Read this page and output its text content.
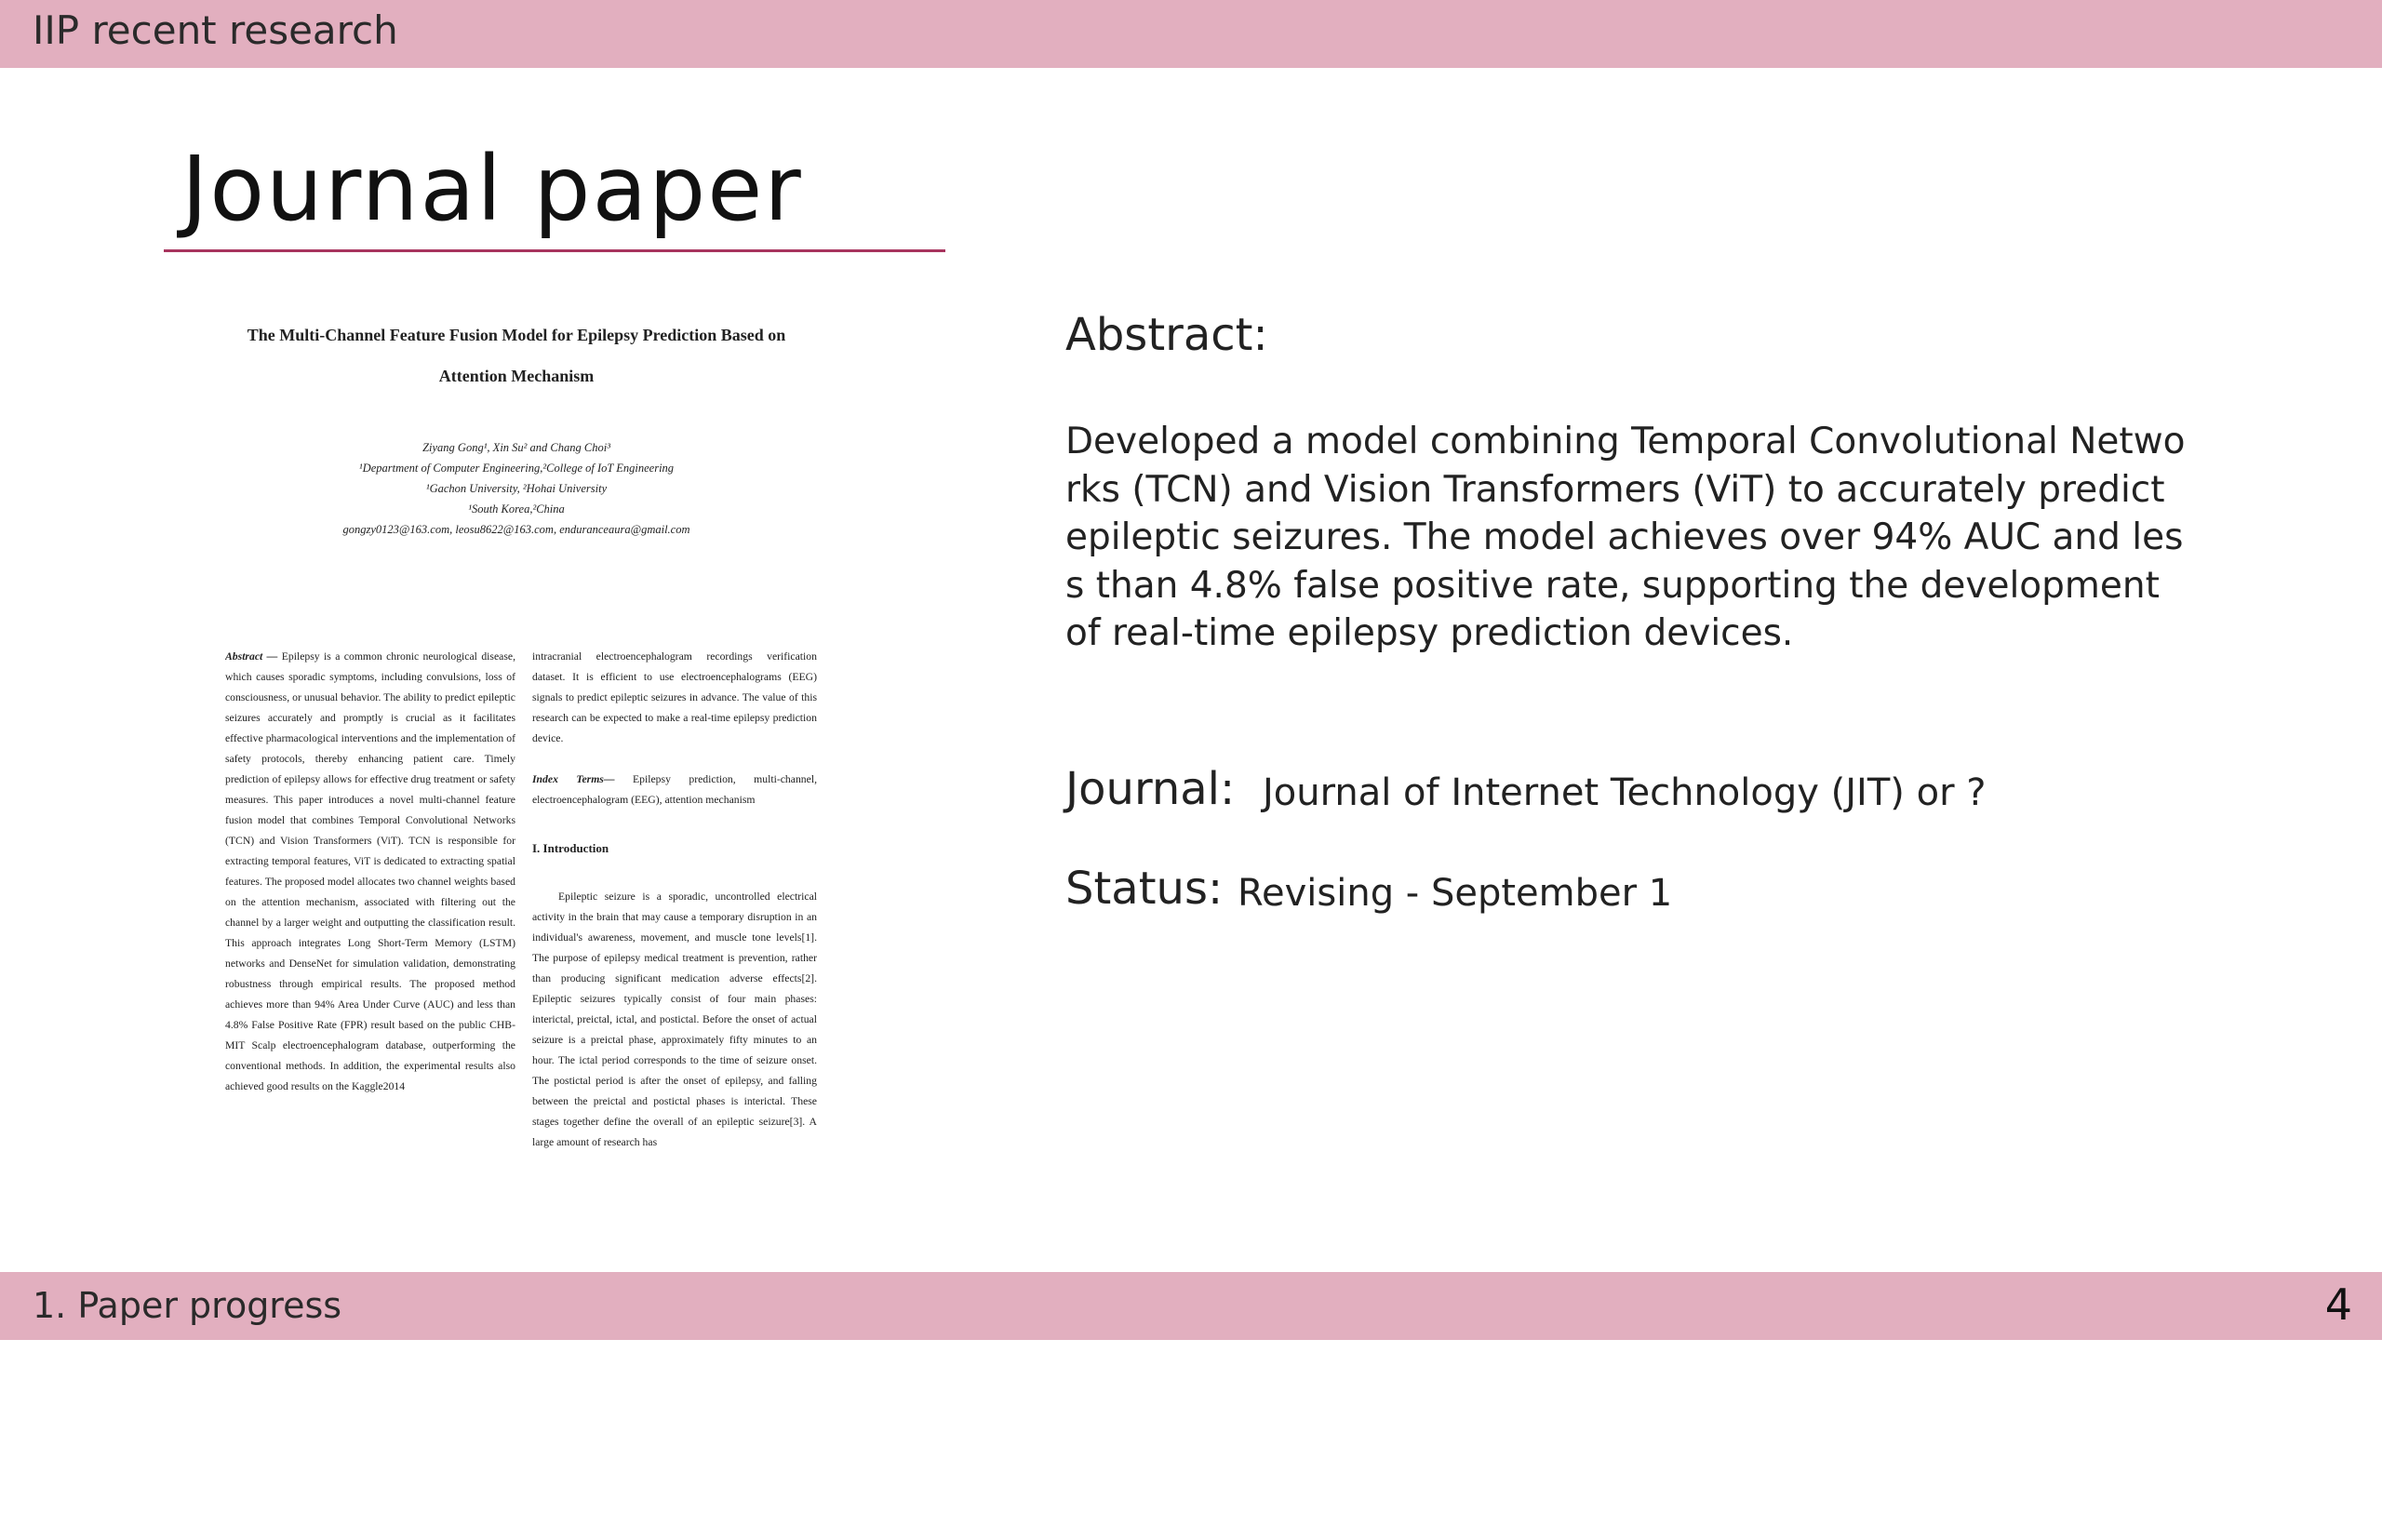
IIP recent research
Journal paper
The Multi-Channel Feature Fusion Model for Epilepsy Prediction Based on Attention Mechanism
Ziyang Gong¹, Xin Su² and Chang Choi³
¹Department of Computer Engineering,²College of IoT Engineering
¹Gachon University, ²Hohai University
¹South Korea,²China
gongzy0123@163.com, leosu8622@163.com, enduranceaura@gmail.com

Abstract — Epilepsy is a common chronic neurological disease, which causes sporadic symptoms, including convulsions, loss of consciousness, or unusual behavior. The ability to predict epileptic seizures accurately and promptly is crucial as it facilitates effective pharmacological interventions and the implementation of safety protocols, thereby enhancing patient care. Timely prediction of epilepsy allows for effective drug treatment or safety measures. This paper introduces a novel multi-channel feature fusion model that combines Temporal Convolutional Networks (TCN) and Vision Transformers (ViT). TCN is responsible for extracting temporal features, ViT is dedicated to extracting spatial features. The proposed model allocates two channel weights based on the attention mechanism, associated with filtering out the channel by a larger weight and outputting the classification result. This approach integrates Long Short-Term Memory (LSTM) networks and DenseNet for simulation validation, demonstrating robustness through empirical results. The proposed method achieves more than 94% Area Under Curve (AUC) and less than 4.8% False Positive Rate (FPR) result based on the public CHB-MIT Scalp electroencephalogram database, outperforming the conventional methods. In addition, the experimental results also achieved good results on the Kaggle2014

intracranial electroencephalogram recordings verification dataset. It is efficient to use electroencephalograms (EEG) signals to predict epileptic seizures in advance. The value of this research can be expected to make a real-time epilepsy prediction device.

Index Terms— Epilepsy prediction, multi-channel, electroencephalogram (EEG), attention mechanism

I. Introduction

Epileptic seizure is a sporadic, uncontrolled electrical activity in the brain that may cause a temporary disruption in an individual's awareness, movement, and muscle tone levels[1]. The purpose of epilepsy medical treatment is prevention, rather than producing significant medication adverse effects[2]. Epileptic seizures typically consist of four main phases: interictal, preictal, ictal, and postictal. Before the onset of actual seizure is a preictal phase, approximately fifty minutes to an hour. The ictal period corresponds to the time of seizure onset. The postictal period is after the onset of epilepsy, and falling between the preictal and postictal phases is interictal. These stages together define the overall of an epileptic seizure[3]. A large amount of research has

Abstract:
Developed a model combining Temporal Convolutional Networks (TCN) and Vision Transformers (ViT) to accurately predict epileptic seizures. The model achieves over 94% AUC and less than 4.8% false positive rate, supporting the development of real-time epilepsy prediction devices.
Journal: Journal of Internet Technology (JIT) or ?
Status: Revising - September 1
1. Paper progress	4
